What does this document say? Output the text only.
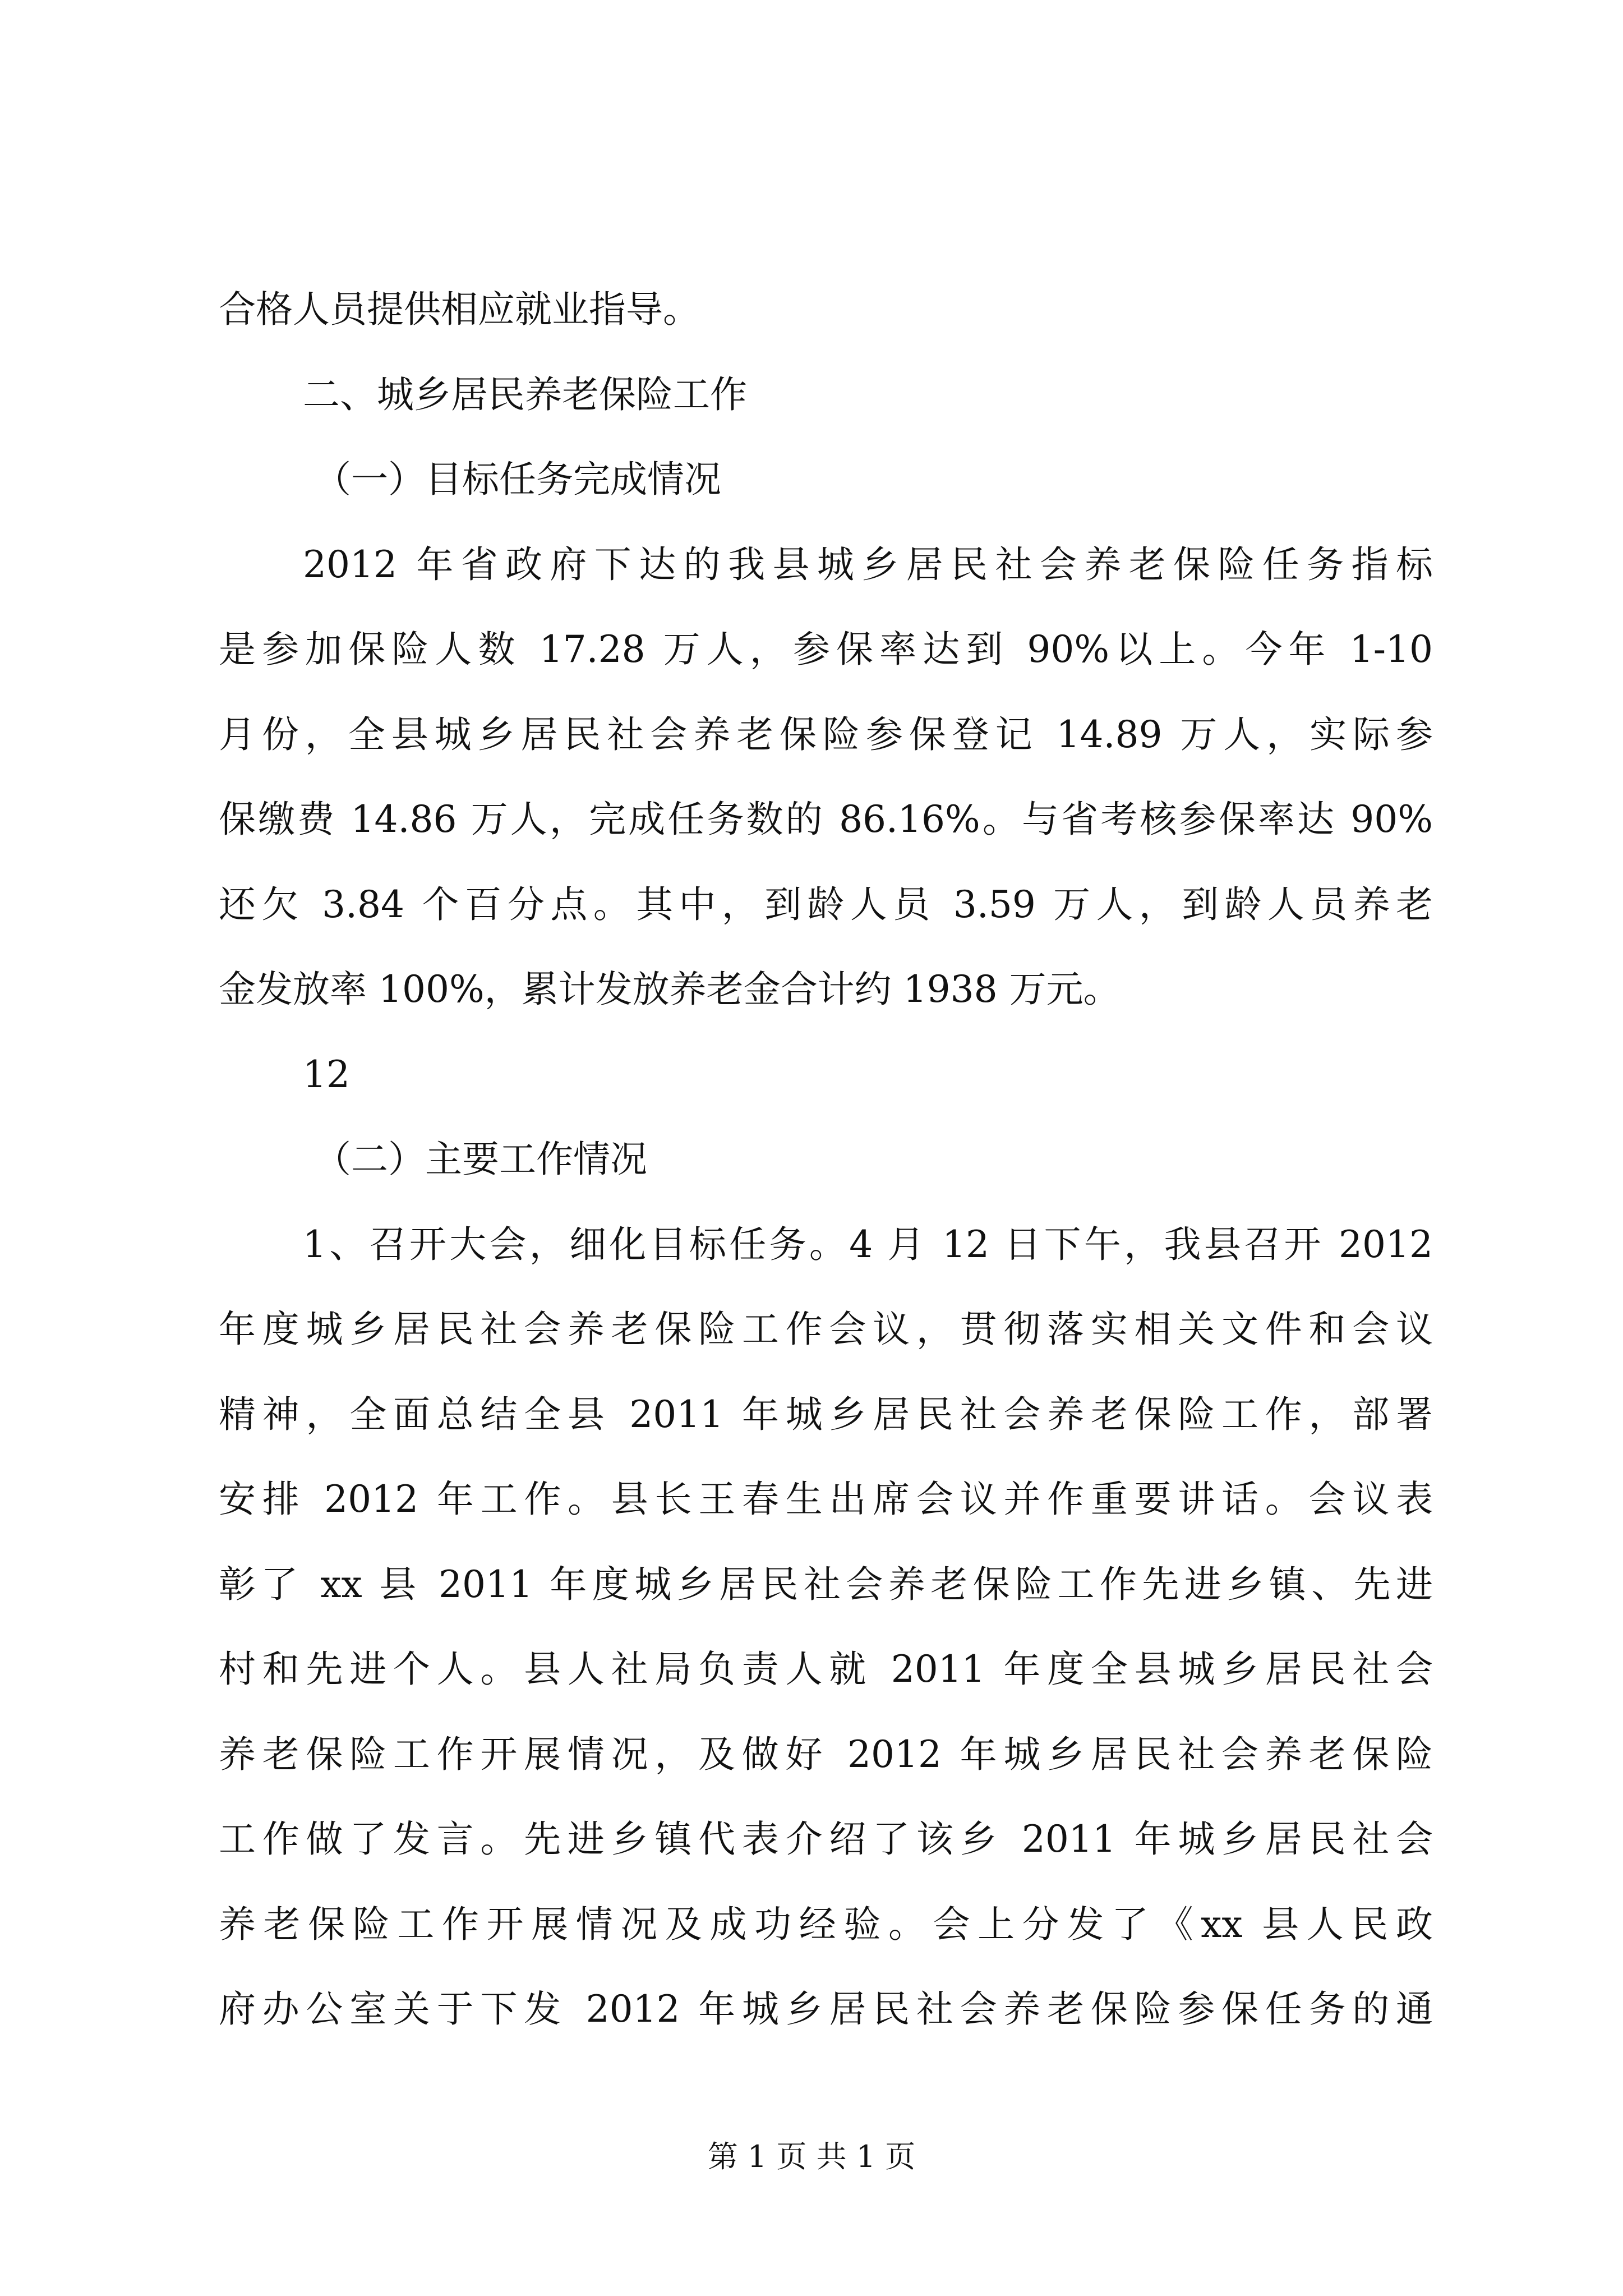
合格人员提供相应就业指导。
二、城乡居民养老保险工作
（一）目标任务完成情况
2012 年省政府下达的我县城乡居民社会养老保险任务指标
是参加保险人数 17.28 万人，参保率达到 90%以上。今年 1-10
月份，全县城乡居民社会养老保险参保登记 14.89 万人，实际参
保缴费 14.86 万人，完成任务数的 86.16%。与省考核参保率达 90%
还欠 3.84 个百分点。其中，到龄人员 3.59 万人，到龄人员养老
金发放率 100%，累计发放养老金合计约 1938 万元。
12
（二）主要工作情况
1、召开大会，细化目标任务。4 月 12 日下午，我县召开 2012
年度城乡居民社会养老保险工作会议，贯彻落实相关文件和会议
精神，全面总结全县 2011 年城乡居民社会养老保险工作，部署
安排 2012 年工作。县长王春生出席会议并作重要讲话。会议表
彰了 xx 县 2011 年度城乡居民社会养老保险工作先进乡镇、先进
村和先进个人。县人社局负责人就 2011 年度全县城乡居民社会
养老保险工作开展情况，及做好 2012 年城乡居民社会养老保险
工作做了发言。先进乡镇代表介绍了该乡 2011 年城乡居民社会
养老保险工作开展情况及成功经验。会上分发了《xx 县人民政
府办公室关于下发 2012 年城乡居民社会养老保险参保任务的通
第 1 页 共 1 页
